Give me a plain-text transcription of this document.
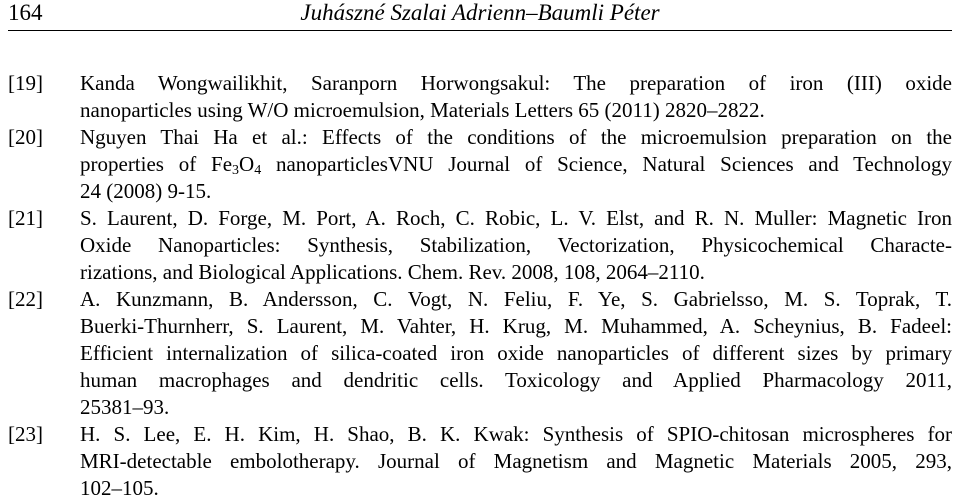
164	Juhászné Szalai Adrienn–Baumli Péter
[19]	Kanda Wongwailikhit, Saranporn Horwongsakul: The preparation of iron (III) oxide
nanoparticles using W/O microemulsion, Materials Letters 65 (2011) 2820–2822.
[20]	Nguyen Thai Ha et al.: Effects of the conditions of the microemulsion preparation on the
properties of $Fe_3O_4$ nanoparticlesVNU Journal of Science, Natural Sciences and Technology
24 (2008) 9-15.
[21]	S. Laurent, D. Forge, M. Port, A. Roch, C. Robic, L. V. Elst, and R. N. Muller: Magnetic Iron
Oxide Nanoparticles: Synthesis, Stabilization, Vectorization, Physicochemical Characte-
rizations, and Biological Applications. Chem. Rev. 2008, 108, 2064–2110.
[22]	A. Kunzmann, B. Andersson, C. Vogt, N. Feliu, F. Ye, S. Gabrielsso, M. S. Toprak, T.
Buerki-Thurnherr, S. Laurent, M. Vahter, H. Krug, M. Muhammed, A. Scheynius, B. Fadeel:
Efficient internalization of silica-coated iron oxide nanoparticles of different sizes by primary
human macrophages and dendritic cells. Toxicology and Applied Pharmacology 2011,
25381–93.
[23]	H. S. Lee, E. H. Kim, H. Shao, B. K. Kwak: Synthesis of SPIO-chitosan microspheres for
MRI-detectable embolotherapy. Journal of Magnetism and Magnetic Materials 2005, 293,
102–105.
